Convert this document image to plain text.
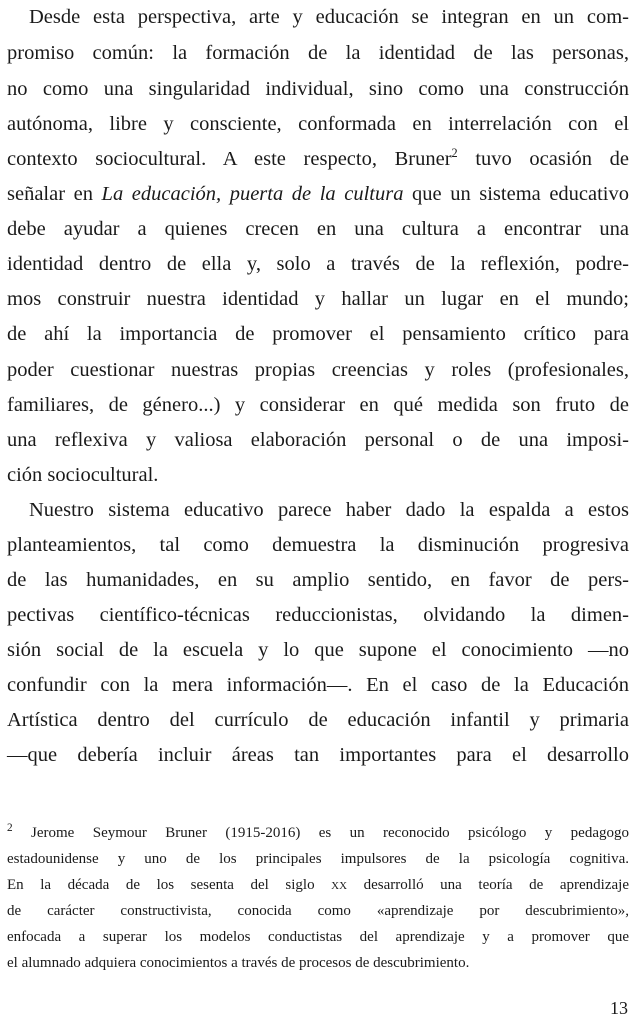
Desde esta perspectiva, arte y educación se integran en un com-
promiso común: la formación de la identidad de las personas,
no como una singularidad individual, sino como una construcción
autónoma, libre y consciente, conformada en interrelación con el
contexto sociocultural. A este respecto, Bruner$^2$ tuvo ocasión de
señalar en La educación, puerta de la cultura que un sistema educativo
debe ayudar a quienes crecen en una cultura a encontrar una
identidad dentro de ella y, solo a través de la reflexión, podre-
mos construir nuestra identidad y hallar un lugar en el mundo;
de ahí la importancia de promover el pensamiento crítico para
poder cuestionar nuestras propias creencias y roles (profesionales,
familiares, de género...) y considerar en qué medida son fruto de
una reflexiva y valiosa elaboración personal o de una imposi-
ción sociocultural.
Nuestro sistema educativo parece haber dado la espalda a estos
planteamientos, tal como demuestra la disminución progresiva
de las humanidades, en su amplio sentido, en favor de pers-
pectivas científico-técnicas reduccionistas, olvidando la dimen-
sión social de la escuela y lo que supone el conocimiento —no
confundir con la mera información—. En el caso de la Educación
Artística dentro del currículo de educación infantil y primaria
—que debería incluir áreas tan importantes para el desarrollo
$^2$ Jerome Seymour Bruner (1915-2016) es un reconocido psicólogo y pedagogo
estadounidense y uno de los principales impulsores de la psicología cognitiva.
En la década de los sesenta del siglo xx desarrolló una teoría de aprendizaje
de carácter constructivista, conocida como «aprendizaje por descubrimiento»,
enfocada a superar los modelos conductistas del aprendizaje y a promover que
el alumnado adquiera conocimientos a través de procesos de descubrimiento.
13
